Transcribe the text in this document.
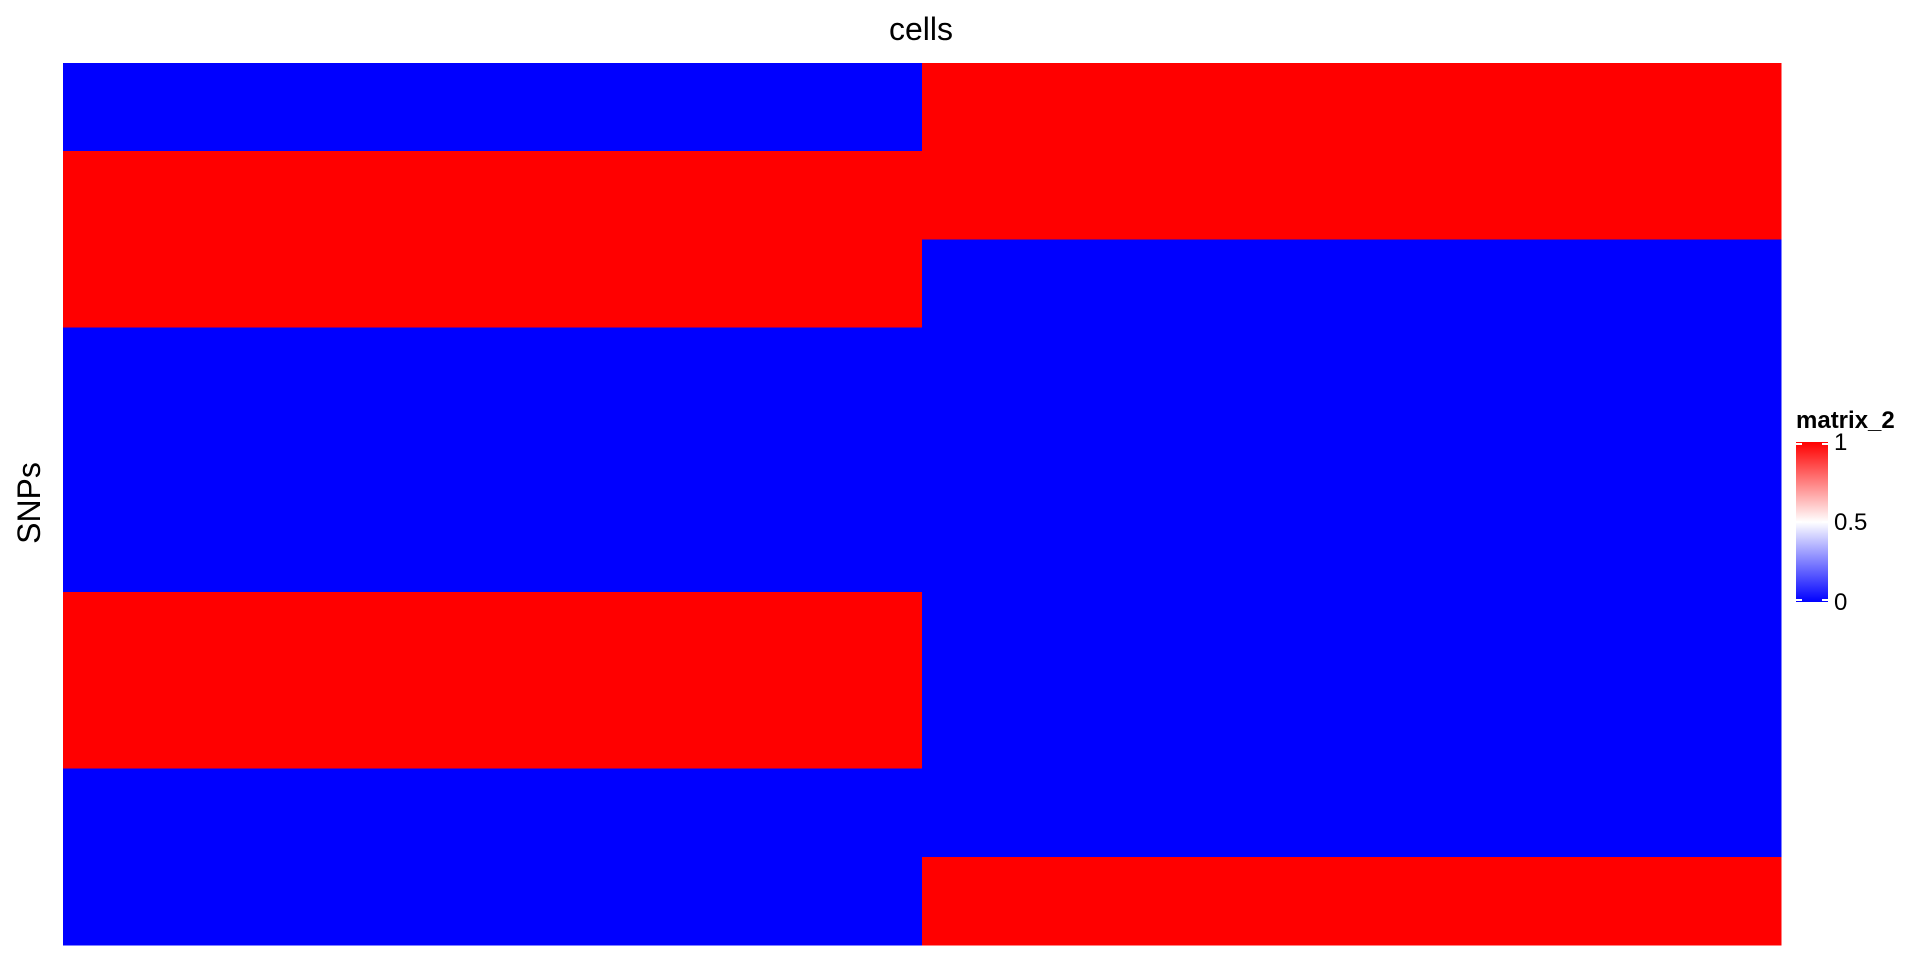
cells
SNPs
matrix_2
1
0.5
0
